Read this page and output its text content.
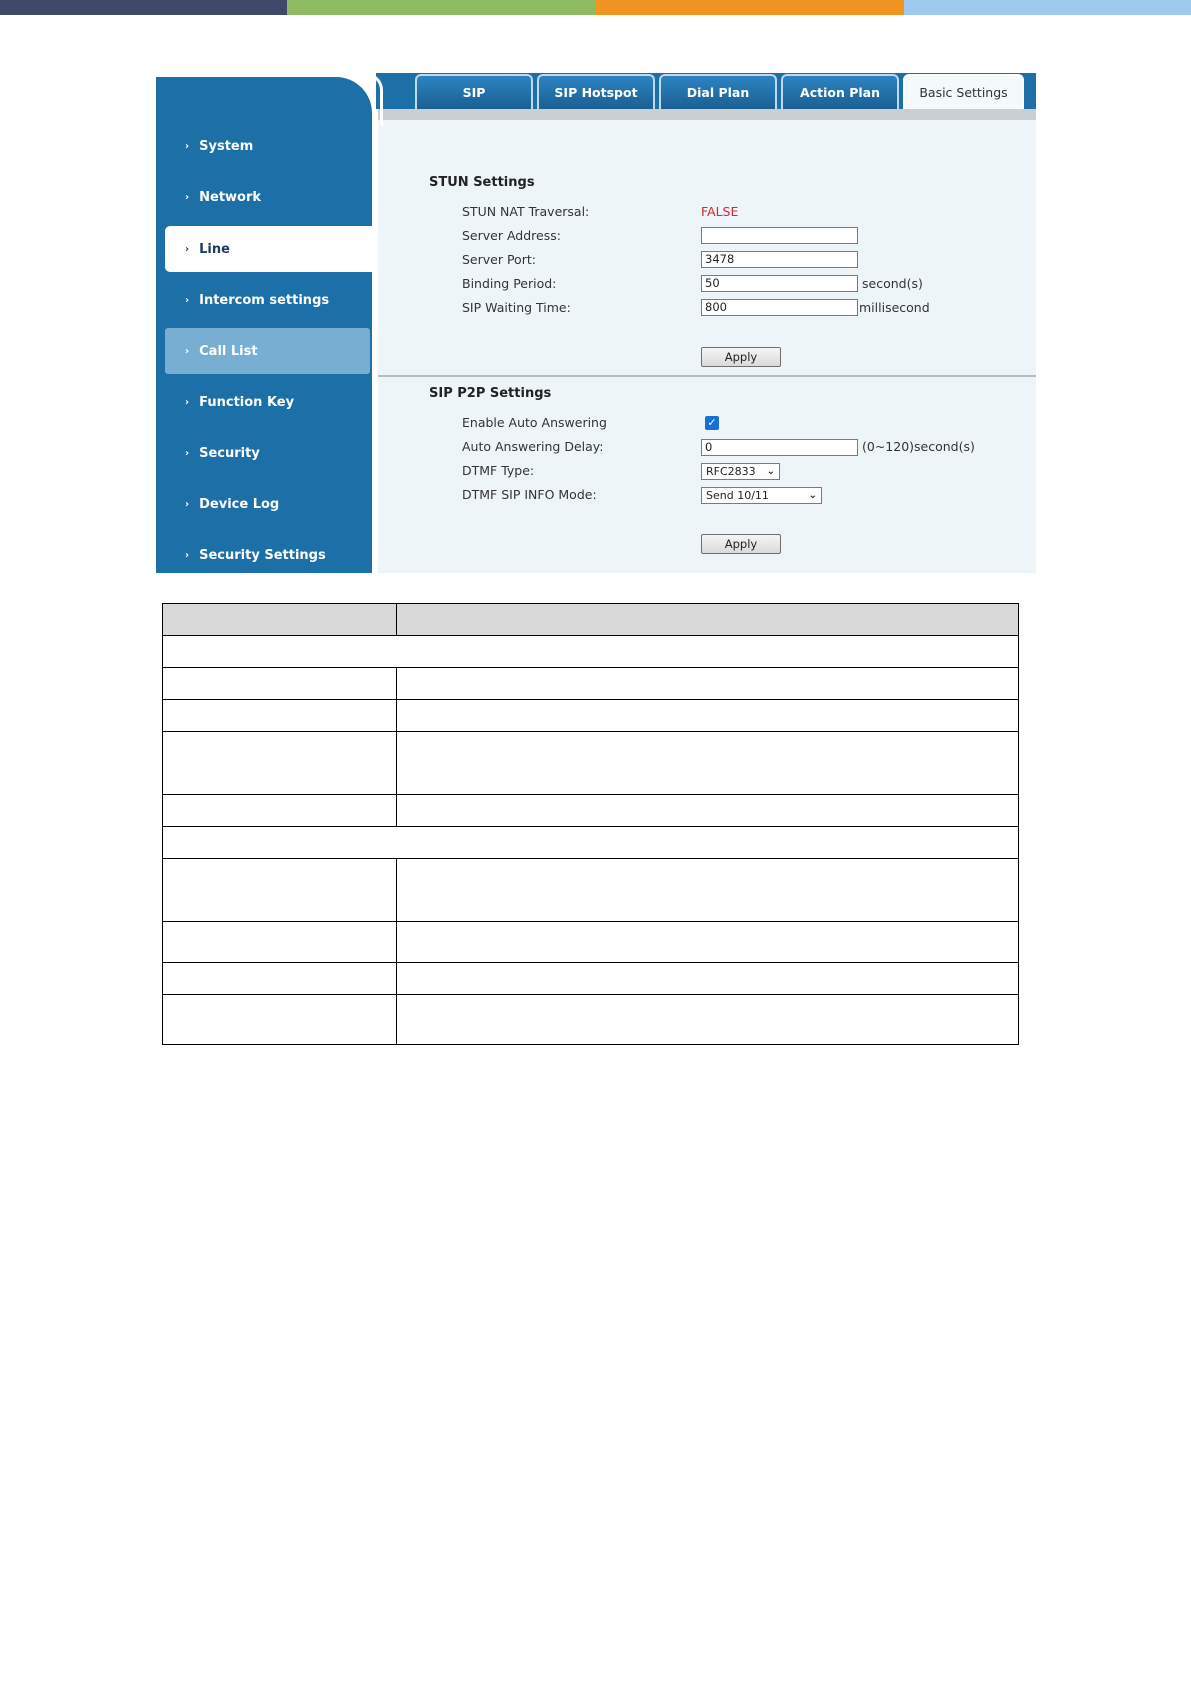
SIP	SIP Hotspot	Dial Plan	Action Plan	Basic Settings
› System
› Network
› Line
› Intercom settings
› Call List
› Function Key
› Security
› Device Log
› Security Settings
STUN Settings
STUN NAT Traversal:	FALSE
Server Address:
Server Port:	3478
Binding Period:	50	second(s)
SIP Waiting Time:	800	millisecond
Apply
SIP P2P Settings
Enable Auto Answering	✓
Auto Answering Delay:	0	(0~120)second(s)
DTMF Type:	RFC2833 ⌄
DTMF SIP INFO Mode:	Send 10/11	⌄
Apply
